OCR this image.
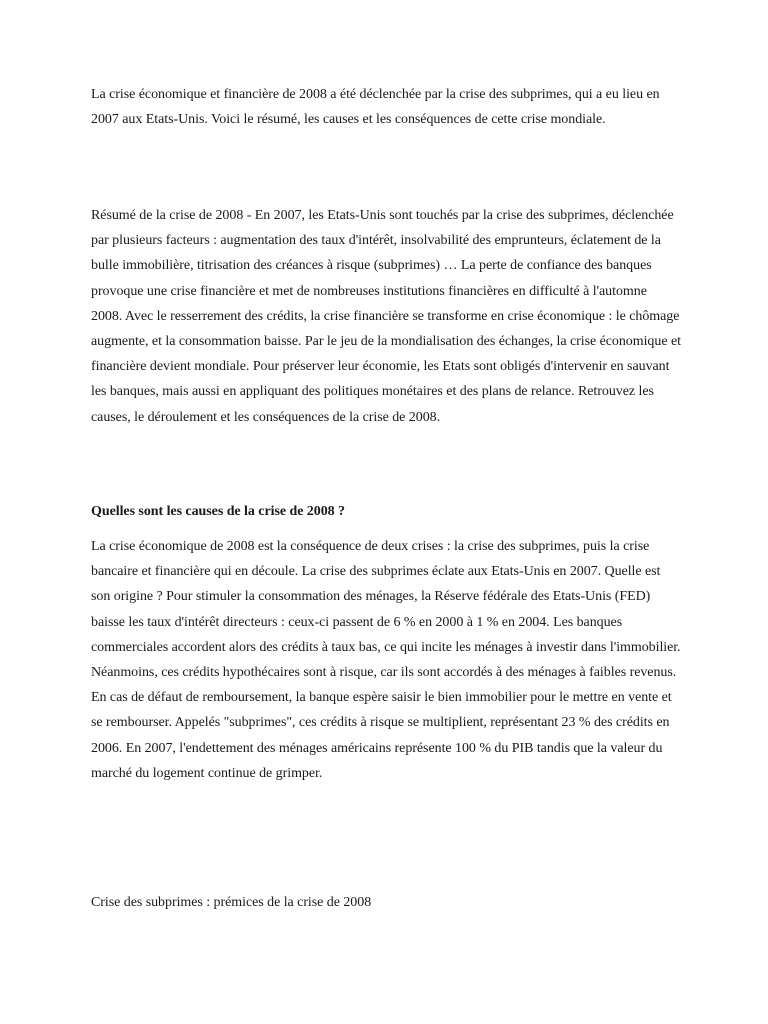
La crise économique et financière de 2008 a été déclenchée par la crise des subprimes, qui a eu lieu en 2007 aux Etats-Unis. Voici le résumé, les causes et les conséquences de cette crise mondiale.

Résumé de la crise de 2008 - En 2007, les Etats-Unis sont touchés par la crise des subprimes, déclenchée par plusieurs facteurs : augmentation des taux d'intérêt, insolvabilité des emprunteurs, éclatement de la bulle immobilière, titrisation des créances à risque (subprimes) … La perte de confiance des banques provoque une crise financière et met de nombreuses institutions financières en difficulté à l'automne 2008. Avec le resserrement des crédits, la crise financière se transforme en crise économique : le chômage augmente, et la consommation baisse. Par le jeu de la mondialisation des échanges, la crise économique et financière devient mondiale. Pour préserver leur économie, les Etats sont obligés d'intervenir en sauvant les banques, mais aussi en appliquant des politiques monétaires et des plans de relance. Retrouvez les causes, le déroulement et les conséquences de la crise de 2008.

Quelles sont les causes de la crise de 2008 ?

La crise économique de 2008 est la conséquence de deux crises : la crise des subprimes, puis la crise bancaire et financière qui en découle. La crise des subprimes éclate aux Etats-Unis en 2007. Quelle est son origine ? Pour stimuler la consommation des ménages, la Réserve fédérale des Etats-Unis (FED) baisse les taux d'intérêt directeurs : ceux-ci passent de 6 % en 2000 à 1 % en 2004. Les banques commerciales accordent alors des crédits à taux bas, ce qui incite les ménages à investir dans l'immobilier. Néanmoins, ces crédits hypothécaires sont à risque, car ils sont accordés à des ménages à faibles revenus. En cas de défaut de remboursement, la banque espère saisir le bien immobilier pour le mettre en vente et se rembourser. Appelés "subprimes", ces crédits à risque se multiplient, représentant 23 % des crédits en 2006. En 2007, l'endettement des ménages américains représente 100 % du PIB tandis que la valeur du marché du logement continue de grimper.

Crise des subprimes : prémices de la crise de 2008
